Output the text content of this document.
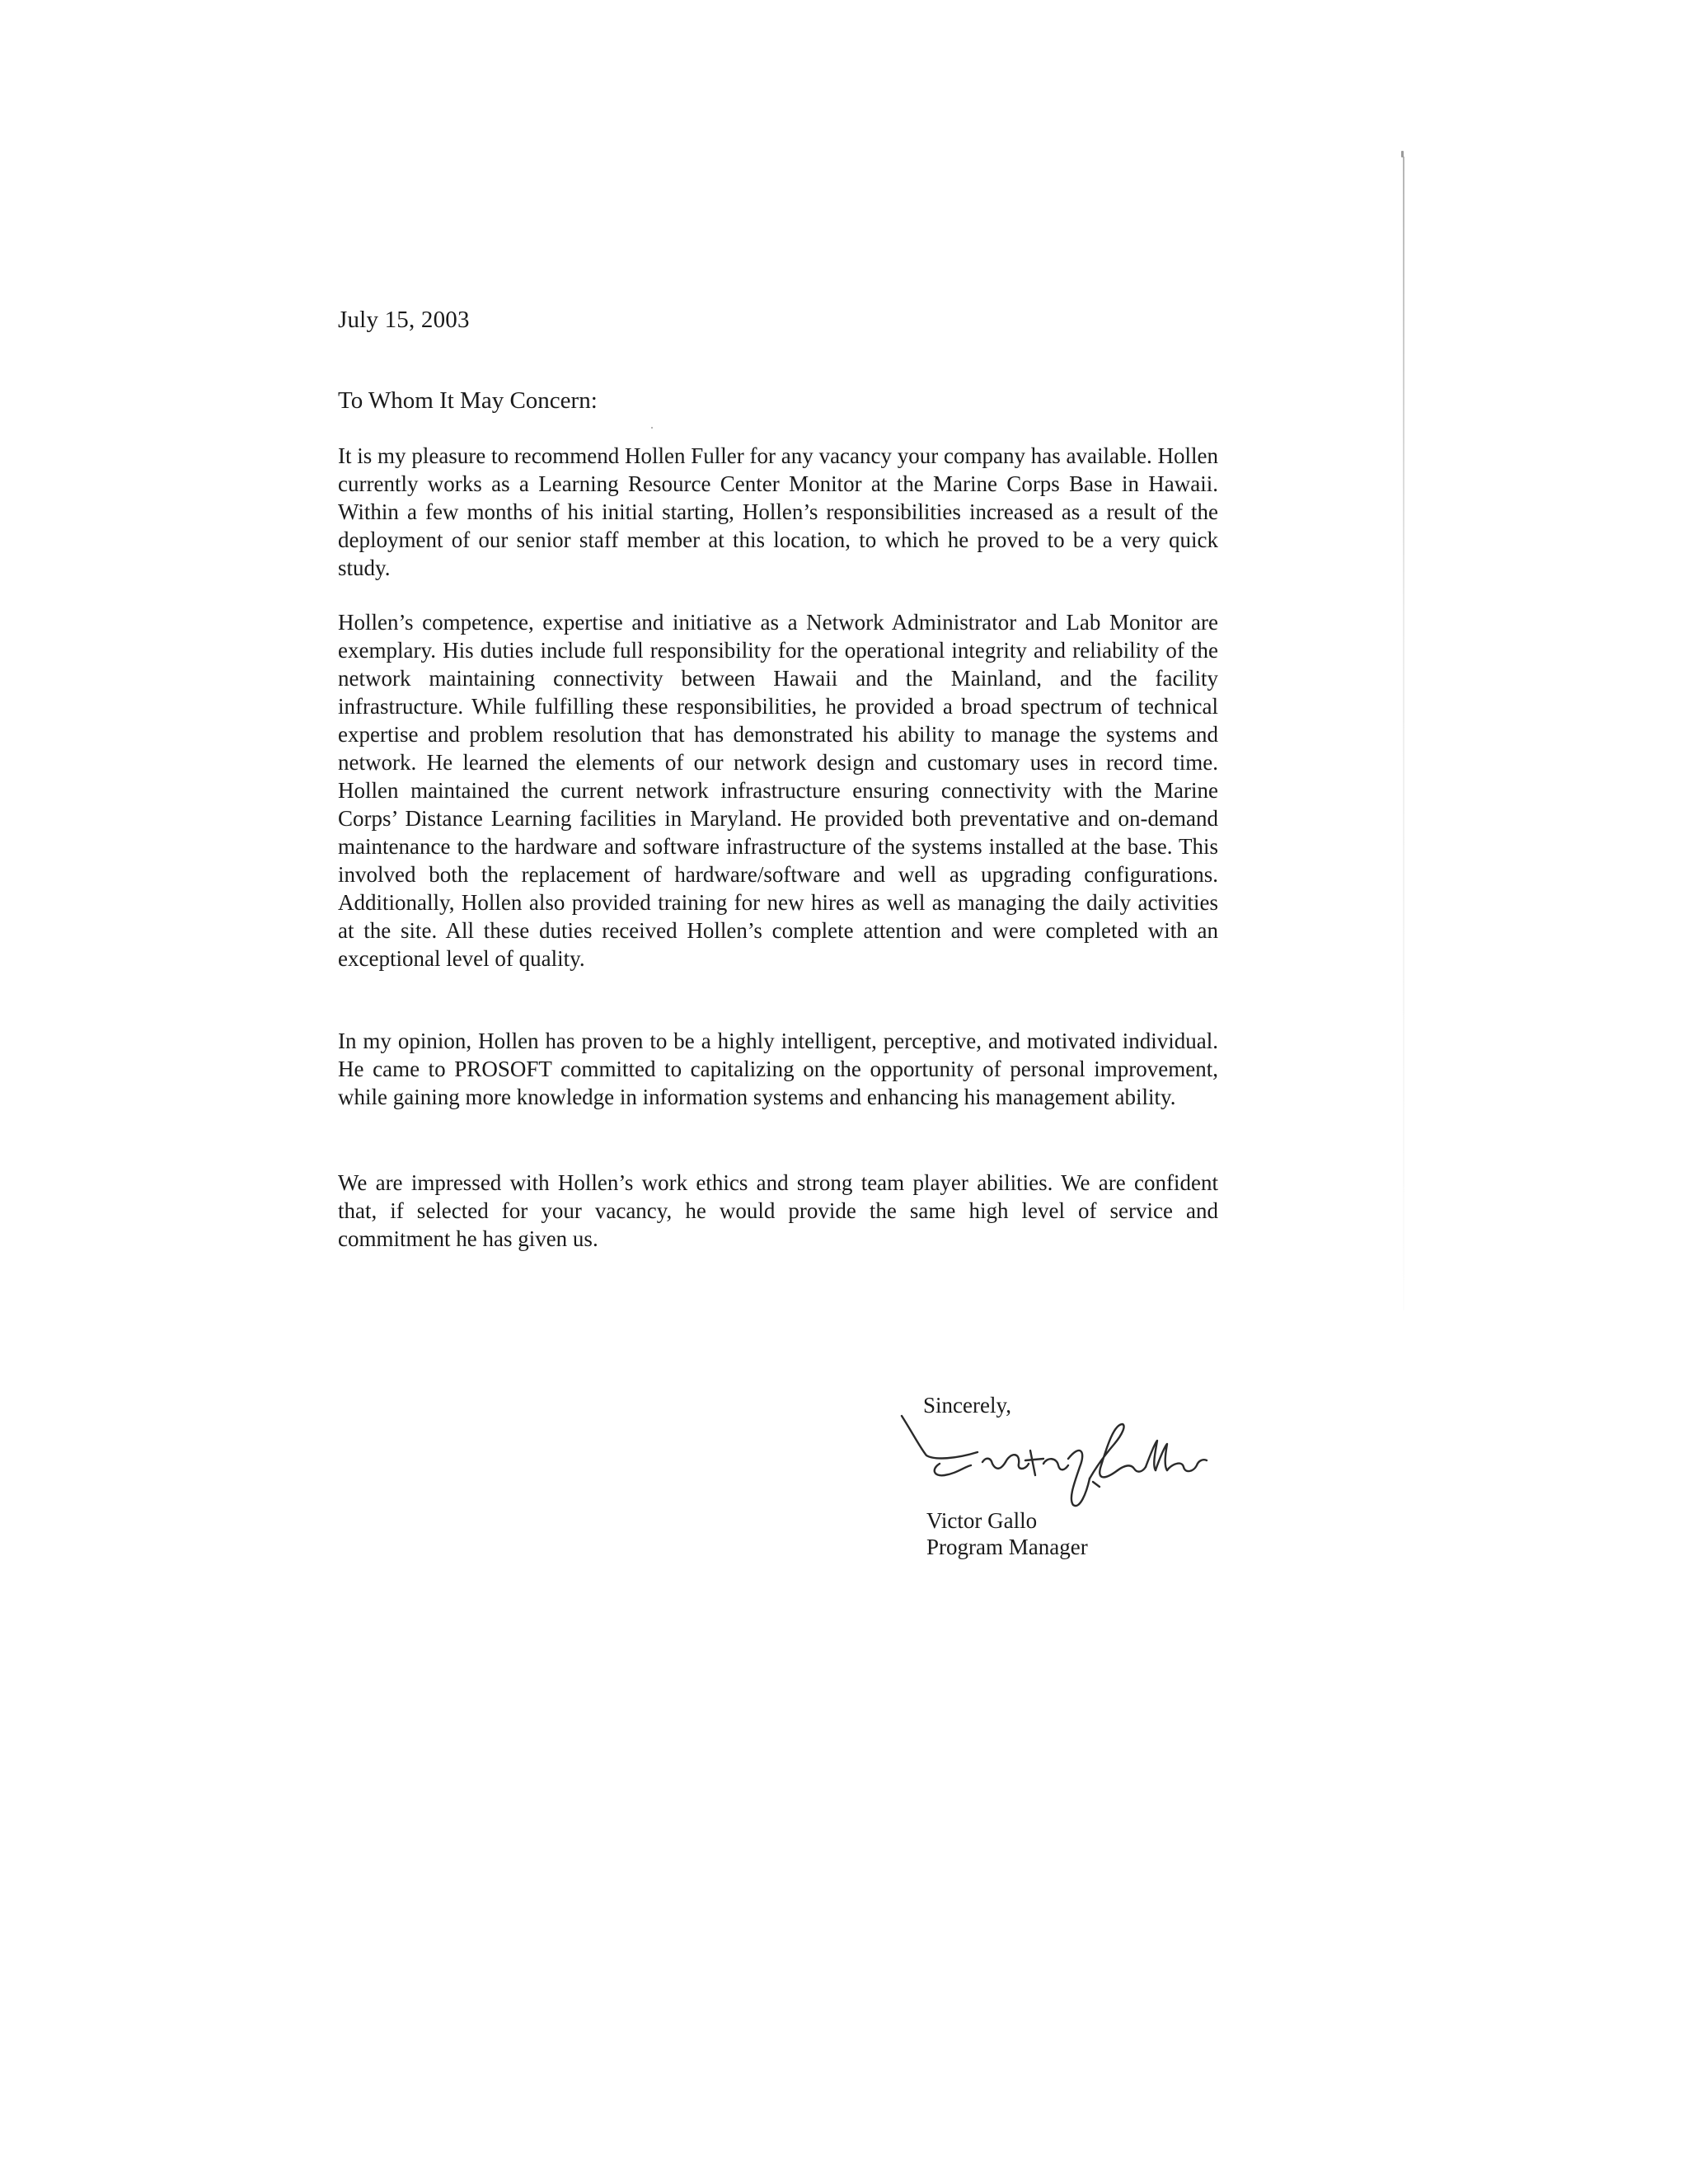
July 15, 2003
To Whom It May Concern:

It is my pleasure to recommend Hollen Fuller for any vacancy your company has available. Hollen currently works as a Learning Resource Center Monitor at the Marine Corps Base in Hawaii. Within a few months of his initial starting, Hollen’s responsibilities increased as a result of the deployment of our senior staff member at this location, to which he proved to be a very quick study.

Hollen’s competence, expertise and initiative as a Network Administrator and Lab Monitor are exemplary. His duties include full responsibility for the operational integrity and reliability of the network maintaining connectivity between Hawaii and the Mainland, and the facility infrastructure. While fulfilling these responsibilities, he provided a broad spectrum of technical expertise and problem resolution that has demonstrated his ability to manage the systems and network. He learned the elements of our network design and customary uses in record time. Hollen maintained the current network infrastructure ensuring connectivity with the Marine Corps’ Distance Learning facilities in Maryland. He provided both preventative and on-demand maintenance to the hardware and software infrastructure of the systems installed at the base. This involved both the replacement of hardware/software and well as upgrading configurations. Additionally, Hollen also provided training for new hires as well as managing the daily activities at the site. All these duties received Hollen’s complete attention and were completed with an exceptional level of quality.

In my opinion, Hollen has proven to be a highly intelligent, perceptive, and motivated individual. He came to PROSOFT committed to capitalizing on the opportunity of personal improvement, while gaining more knowledge in information systems and enhancing his management ability.

We are impressed with Hollen’s work ethics and strong team player abilities. We are confident that, if selected for your vacancy, he would provide the same high level of service and commitment he has given us.

Sincerely,
Victor Gallo
Program Manager
